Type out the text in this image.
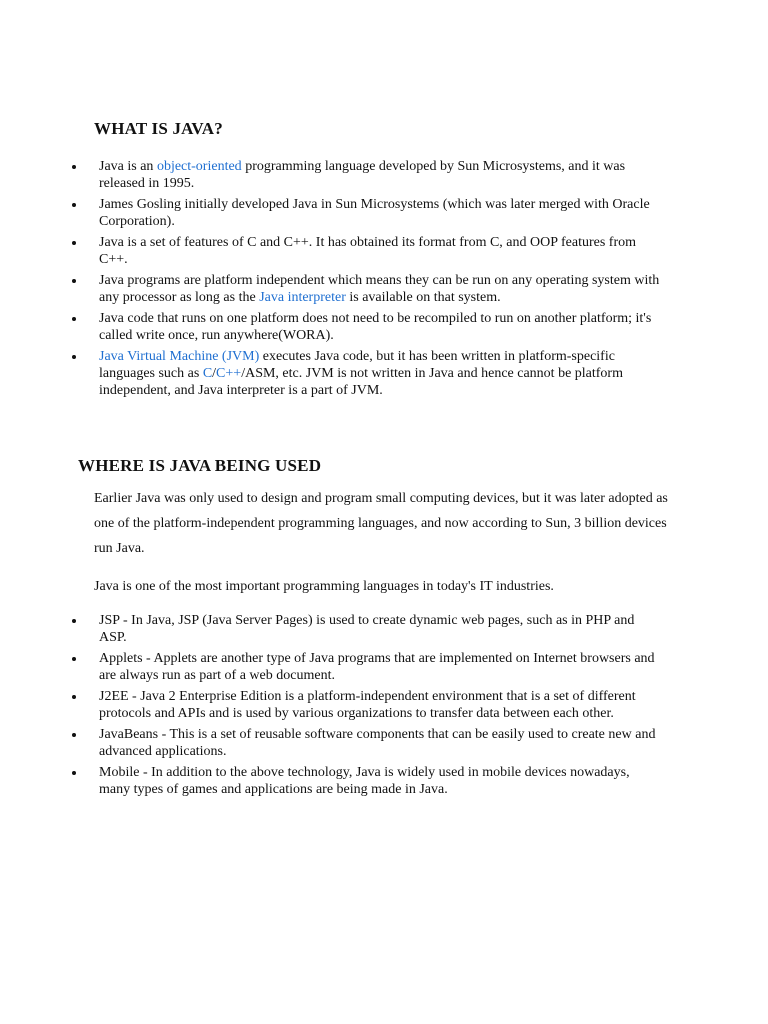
WHAT IS JAVA?
Java is an object-oriented programming language developed by Sun Microsystems, and it was released in 1995.
James Gosling initially developed Java in Sun Microsystems (which was later merged with Oracle Corporation).
Java is a set of features of C and C++. It has obtained its format from C, and OOP features from C++.
Java programs are platform independent which means they can be run on any operating system with any processor as long as the Java interpreter is available on that system.
Java code that runs on one platform does not need to be recompiled to run on another platform; it's called write once, run anywhere(WORA).
Java Virtual Machine (JVM) executes Java code, but it has been written in platform-specific languages such as C/C++/ASM, etc. JVM is not written in Java and hence cannot be platform independent, and Java interpreter is a part of JVM.
WHERE IS JAVA BEING USED

Earlier Java was only used to design and program small computing devices, but it was later adopted as one of the platform-independent programming languages, and now according to Sun, 3 billion devices run Java.

Java is one of the most important programming languages in today's IT industries.

JSP - In Java, JSP (Java Server Pages) is used to create dynamic web pages, such as in PHP and ASP.
Applets - Applets are another type of Java programs that are implemented on Internet browsers and are always run as part of a web document.
J2EE - Java 2 Enterprise Edition is a platform-independent environment that is a set of different protocols and APIs and is used by various organizations to transfer data between each other.
JavaBeans - This is a set of reusable software components that can be easily used to create new and advanced applications.
Mobile - In addition to the above technology, Java is widely used in mobile devices nowadays, many types of games and applications are being made in Java.
